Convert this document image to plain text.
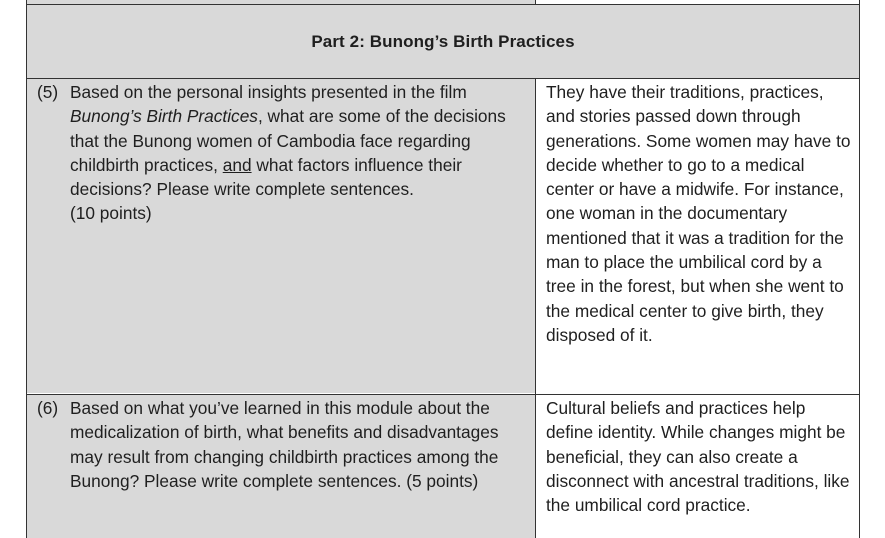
Part 2: Bunong’s Birth Practices
(5) Based on the personal insights presented in the film Bunong’s Birth Practices, what are some of the decisions that the Bunong women of Cambodia face regarding childbirth practices, and what factors influence their decisions? Please write complete sentences.
(10 points)
They have their traditions, practices, and stories passed down through generations. Some women may have to decide whether to go to a medical center or have a midwife. For instance, one woman in the documentary mentioned that it was a tradition for the man to place the umbilical cord by a tree in the forest, but when she went to the medical center to give birth, they disposed of it.
(6) Based on what you’ve learned in this module about the medicalization of birth, what benefits and disadvantages may result from changing childbirth practices among the Bunong? Please write complete sentences. (5 points)
Cultural beliefs and practices help define identity. While changes might be beneficial, they can also create a disconnect with ancestral traditions, like the umbilical cord practice.
